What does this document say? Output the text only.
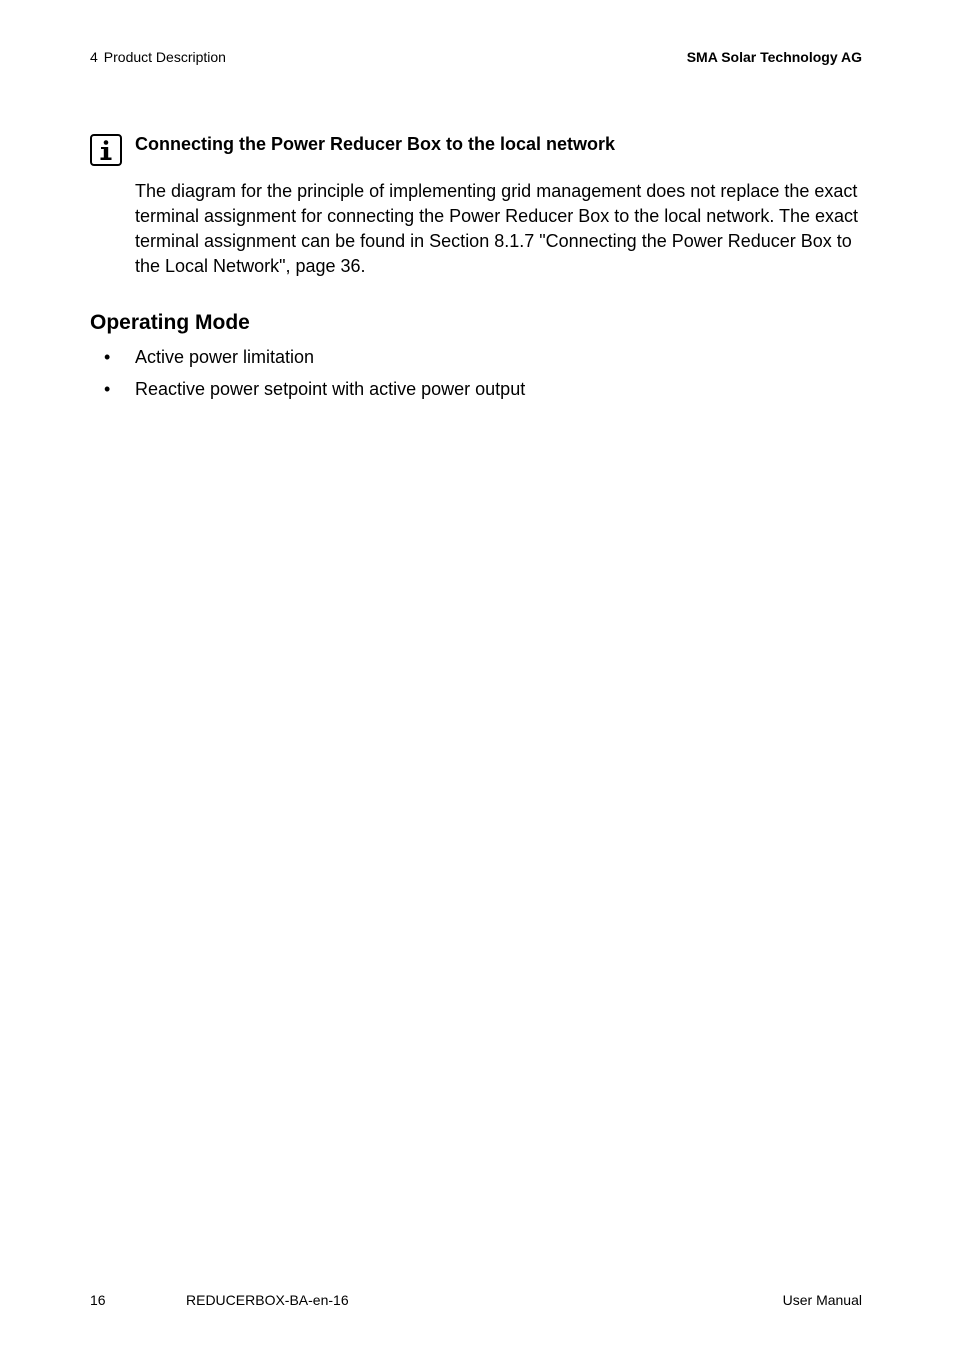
4 Product Description	SMA Solar Technology AG
Connecting the Power Reducer Box to the local network

The diagram for the principle of implementing grid management does not replace the exact terminal assignment for connecting the Power Reducer Box to the local network. The exact terminal assignment can be found in Section 8.1.7 "Connecting the Power Reducer Box to the Local Network", page 36.

Operating Mode
• Active power limitation
• Reactive power setpoint with active power output
16	REDUCERBOX-BA-en-16	User Manual
